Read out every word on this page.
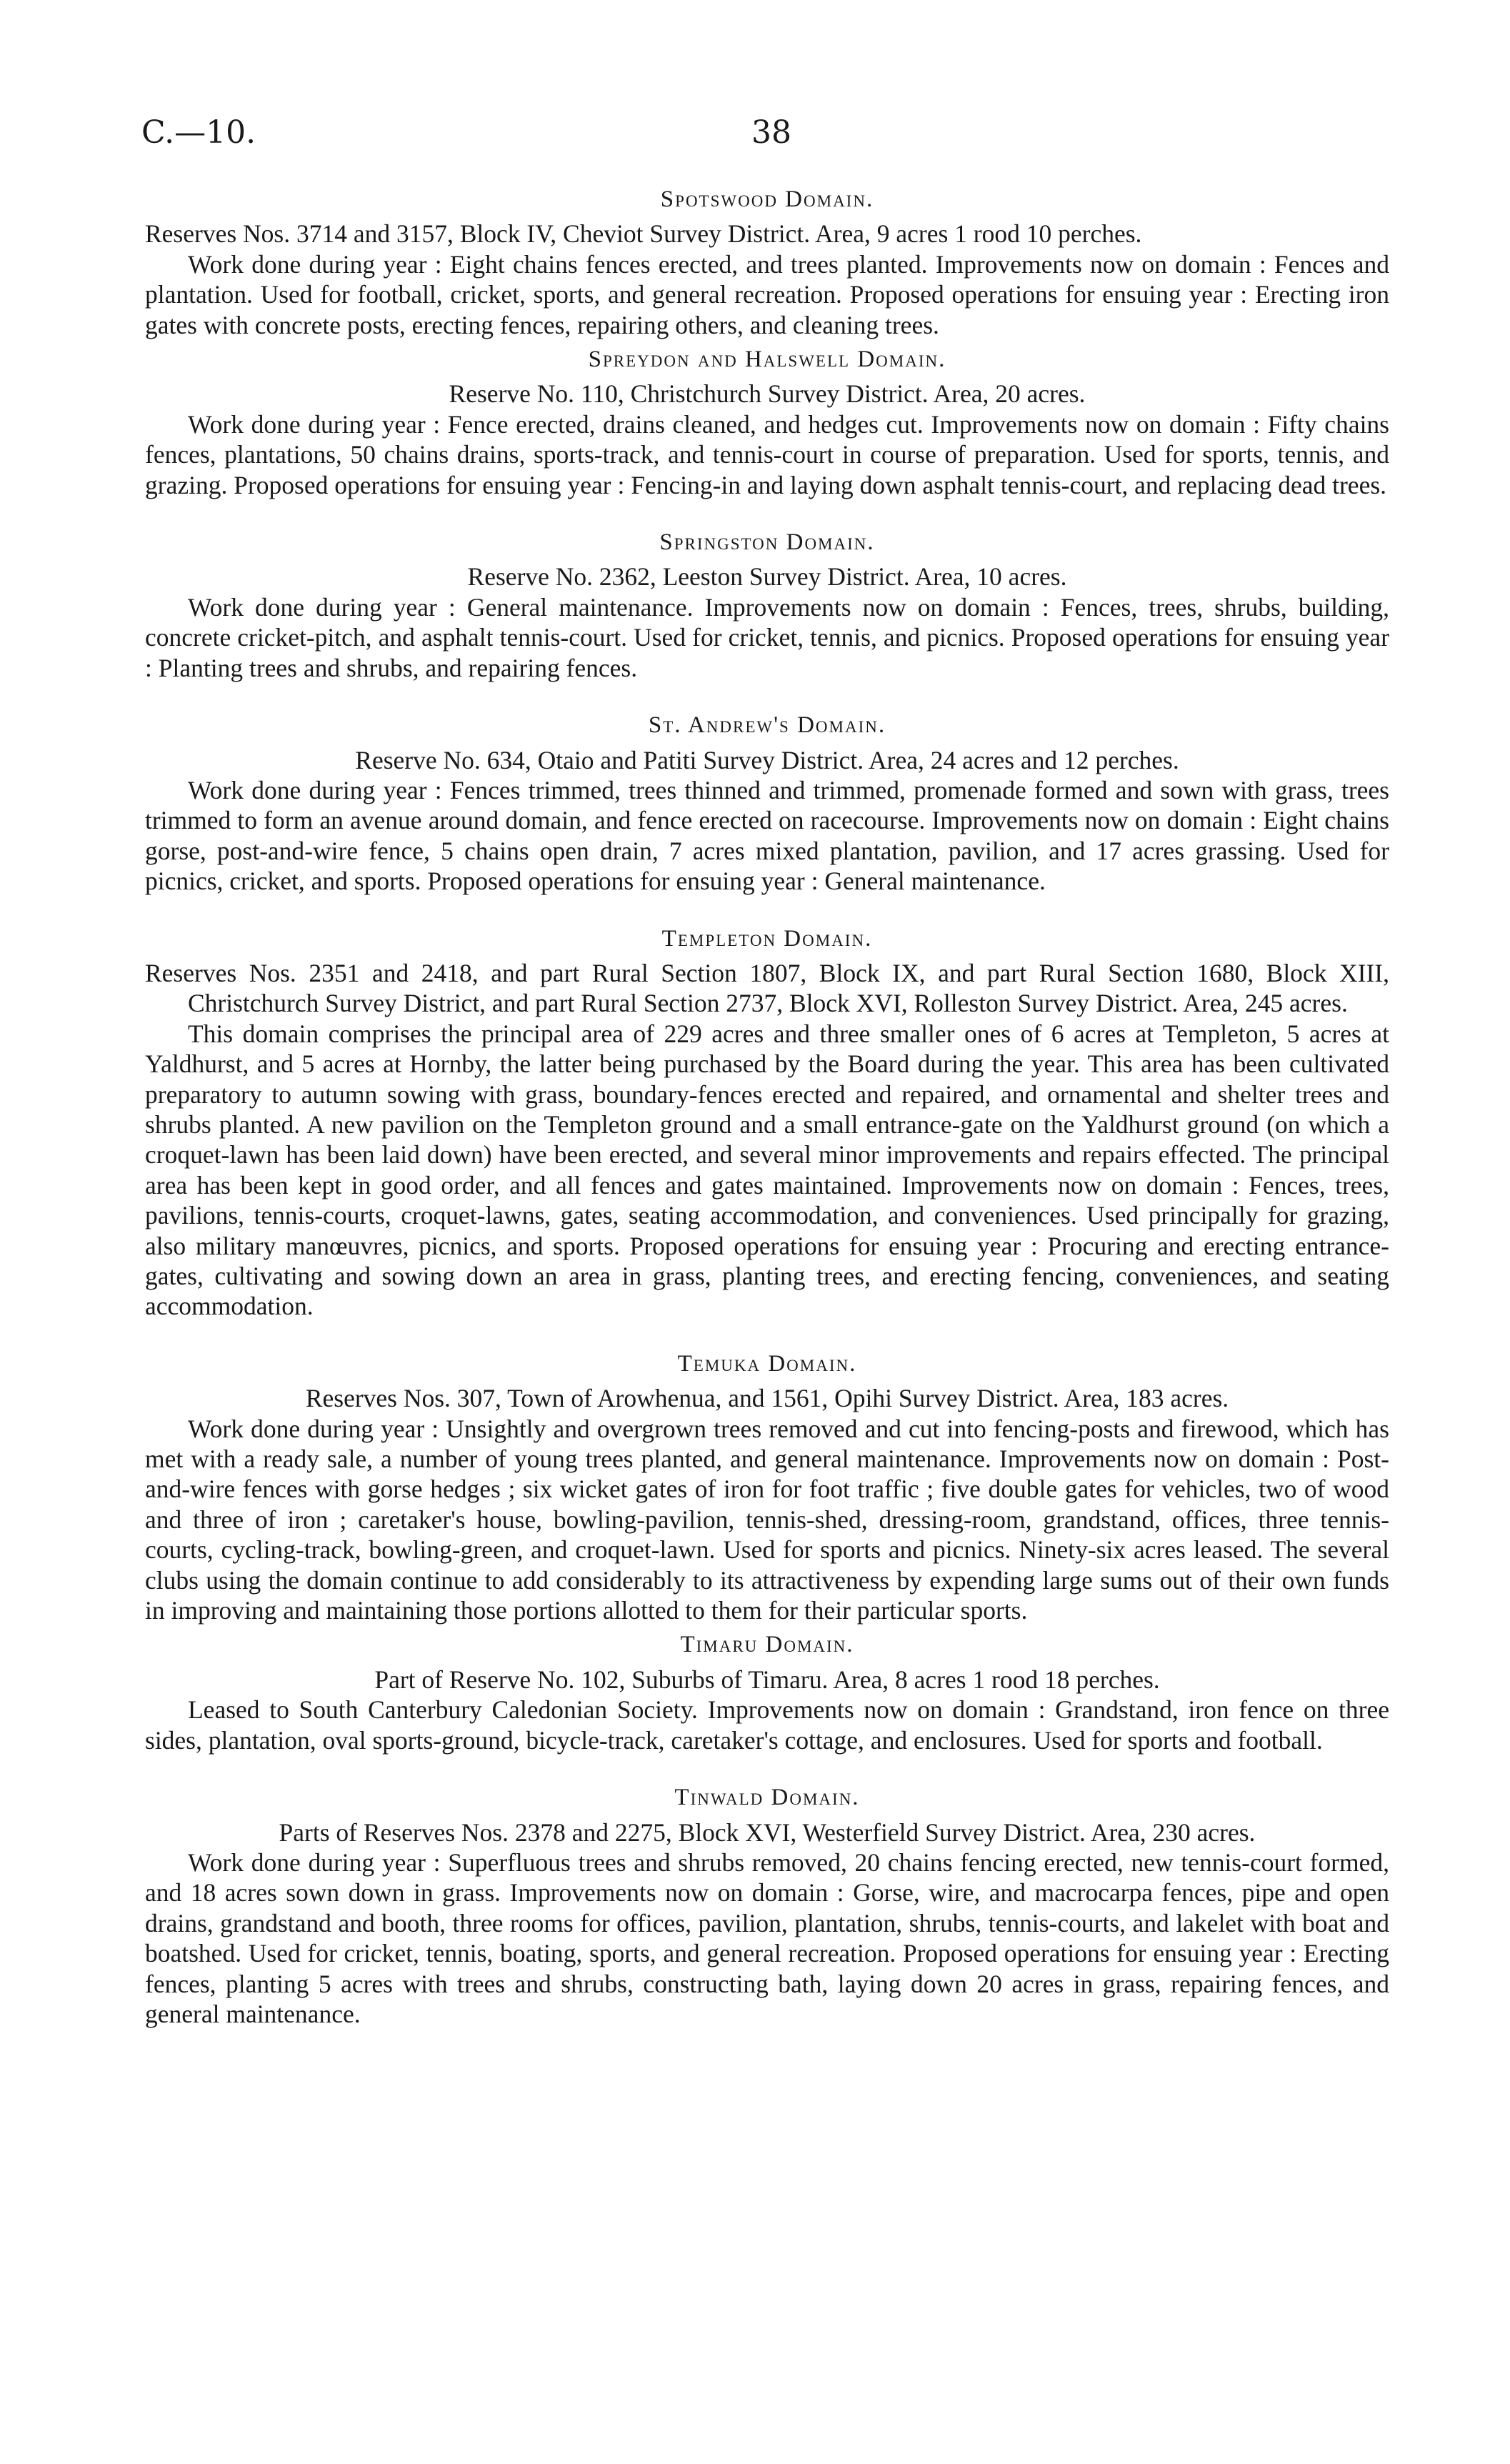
C.—10.	38
Spotswood Domain.

Reserves Nos. 3714 and 3157, Block IV, Cheviot Survey District. Area, 9 acres 1 rood 10 perches.

Work done during year : Eight chains fences erected, and trees planted. Improvements now on domain : Fences and plantation. Used for football, cricket, sports, and general recreation. Proposed operations for ensuing year : Erecting iron gates with concrete posts, erecting fences, repairing others, and cleaning trees.

Spreydon and Halswell Domain.

Reserve No. 110, Christchurch Survey District. Area, 20 acres.

Work done during year : Fence erected, drains cleaned, and hedges cut. Improvements now on domain : Fifty chains fences, plantations, 50 chains drains, sports-track, and tennis-court in course of preparation. Used for sports, tennis, and grazing. Proposed operations for ensuing year : Fencing-in and laying down asphalt tennis-court, and replacing dead trees.

Springston Domain.

Reserve No. 2362, Leeston Survey District. Area, 10 acres.

Work done during year : General maintenance. Improvements now on domain : Fences, trees, shrubs, building, concrete cricket-pitch, and asphalt tennis-court. Used for cricket, tennis, and picnics. Proposed operations for ensuing year : Planting trees and shrubs, and repairing fences.

St. Andrew's Domain.

Reserve No. 634, Otaio and Patiti Survey District. Area, 24 acres and 12 perches.

Work done during year : Fences trimmed, trees thinned and trimmed, promenade formed and sown with grass, trees trimmed to form an avenue around domain, and fence erected on racecourse. Improvements now on domain : Eight chains gorse, post-and-wire fence, 5 chains open drain, 7 acres mixed plantation, pavilion, and 17 acres grassing. Used for picnics, cricket, and sports. Proposed operations for ensuing year : General maintenance.

Templeton Domain.

Reserves Nos. 2351 and 2418, and part Rural Section 1807, Block IX, and part Rural Section 1680, Block XIII, Christchurch Survey District, and part Rural Section 2737, Block XVI, Rolleston Survey District. Area, 245 acres.

This domain comprises the principal area of 229 acres and three smaller ones of 6 acres at Templeton, 5 acres at Yaldhurst, and 5 acres at Hornby, the latter being purchased by the Board during the year. This area has been cultivated preparatory to autumn sowing with grass, boundary-fences erected and repaired, and ornamental and shelter trees and shrubs planted. A new pavilion on the Templeton ground and a small entrance-gate on the Yaldhurst ground (on which a croquet-lawn has been laid down) have been erected, and several minor improvements and repairs effected. The principal area has been kept in good order, and all fences and gates maintained. Improvements now on domain : Fences, trees, pavilions, tennis-courts, croquet-lawns, gates, seating accommodation, and conveniences. Used principally for grazing, also military manœuvres, picnics, and sports. Proposed operations for ensuing year : Procuring and erecting entrance-gates, cultivating and sowing down an area in grass, planting trees, and erecting fencing, conveniences, and seating accommodation.

Temuka Domain.

Reserves Nos. 307, Town of Arowhenua, and 1561, Opihi Survey District. Area, 183 acres.

Work done during year : Unsightly and overgrown trees removed and cut into fencing-posts and firewood, which has met with a ready sale, a number of young trees planted, and general maintenance. Improvements now on domain : Post-and-wire fences with gorse hedges ; six wicket gates of iron for foot traffic ; five double gates for vehicles, two of wood and three of iron ; caretaker's house, bowling-pavilion, tennis-shed, dressing-room, grandstand, offices, three tennis-courts, cycling-track, bowling-green, and croquet-lawn. Used for sports and picnics. Ninety-six acres leased. The several clubs using the domain continue to add considerably to its attractiveness by expending large sums out of their own funds in improving and maintaining those portions allotted to them for their particular sports.

Timaru Domain.

Part of Reserve No. 102, Suburbs of Timaru. Area, 8 acres 1 rood 18 perches.

Leased to South Canterbury Caledonian Society. Improvements now on domain : Grandstand, iron fence on three sides, plantation, oval sports-ground, bicycle-track, caretaker's cottage, and enclosures. Used for sports and football.

Tinwald Domain.

Parts of Reserves Nos. 2378 and 2275, Block XVI, Westerfield Survey District. Area, 230 acres.

Work done during year : Superfluous trees and shrubs removed, 20 chains fencing erected, new tennis-court formed, and 18 acres sown down in grass. Improvements now on domain : Gorse, wire, and macrocarpa fences, pipe and open drains, grandstand and booth, three rooms for offices, pavilion, plantation, shrubs, tennis-courts, and lakelet with boat and boatshed. Used for cricket, tennis, boating, sports, and general recreation. Proposed operations for ensuing year : Erecting fences, planting 5 acres with trees and shrubs, constructing bath, laying down 20 acres in grass, repairing fences, and general maintenance.
